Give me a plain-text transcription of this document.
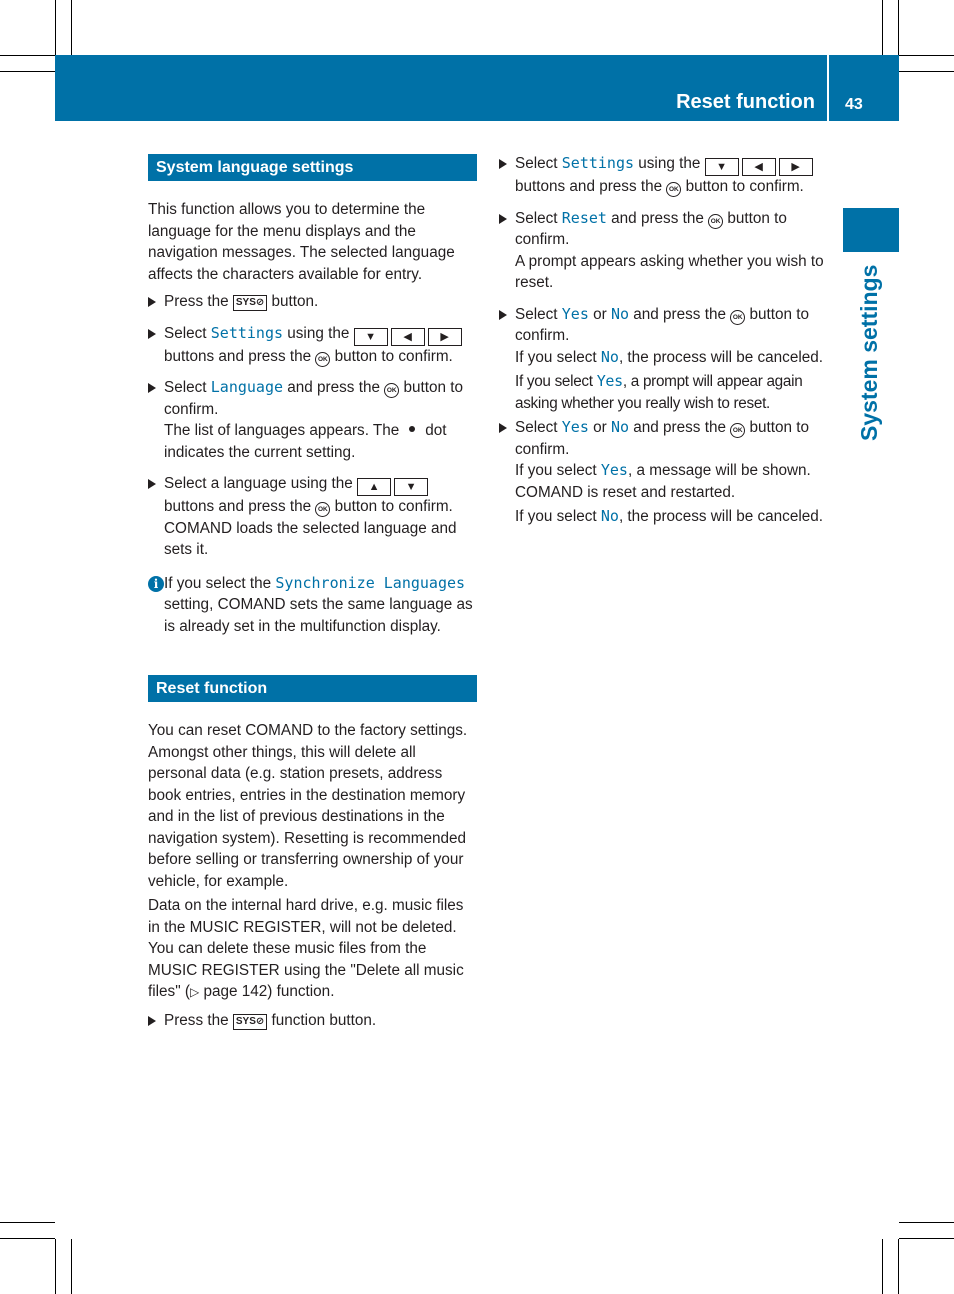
Reset function 43
System settings
System language settings

This function allows you to determine the language for the menu displays and the navigation messages. The selected language affects the characters available for entry.

Press the SYS⊘ button.

Select Settings using the ▼ ◀	▶ buttons and press the OK button to confirm.

Select Language and press the OK button to confirm.
The list of languages appears. The dot indicates the current setting.

Select a language using the ▲ ▼ buttons and press the OK button to confirm.
COMAND loads the selected language and sets it.

i If you select the Synchronize Languages setting, COMAND sets the same language as is already set in the multifunction display.

Reset function

You can reset COMAND to the factory settings. Amongst other things, this will delete all personal data (e.g. station presets, address book entries, entries in the destination memory and in the list of previous destinations in the navigation system). Resetting is recommended before selling or transferring ownership of your vehicle, for example.

Data on the internal hard drive, e.g. music files in the MUSIC REGISTER, will not be deleted. You can delete these music files from the MUSIC REGISTER using the "Delete all music files" (▷ page 142) function.

Press the SYS⊘ function button.

Select Settings using the ▼ ◀	▶ buttons and press the OK button to confirm.

Select Reset and press the OK button to confirm.
A prompt appears asking whether you wish to reset.

Select Yes or No and press the OK button to confirm.
If you select No, the process will be canceled.

If you select Yes, a prompt will appear again asking whether you really wish to reset.

Select Yes or No and press the OK button to confirm.
If you select Yes, a message will be shown. COMAND is reset and restarted.

If you select No, the process will be canceled.
